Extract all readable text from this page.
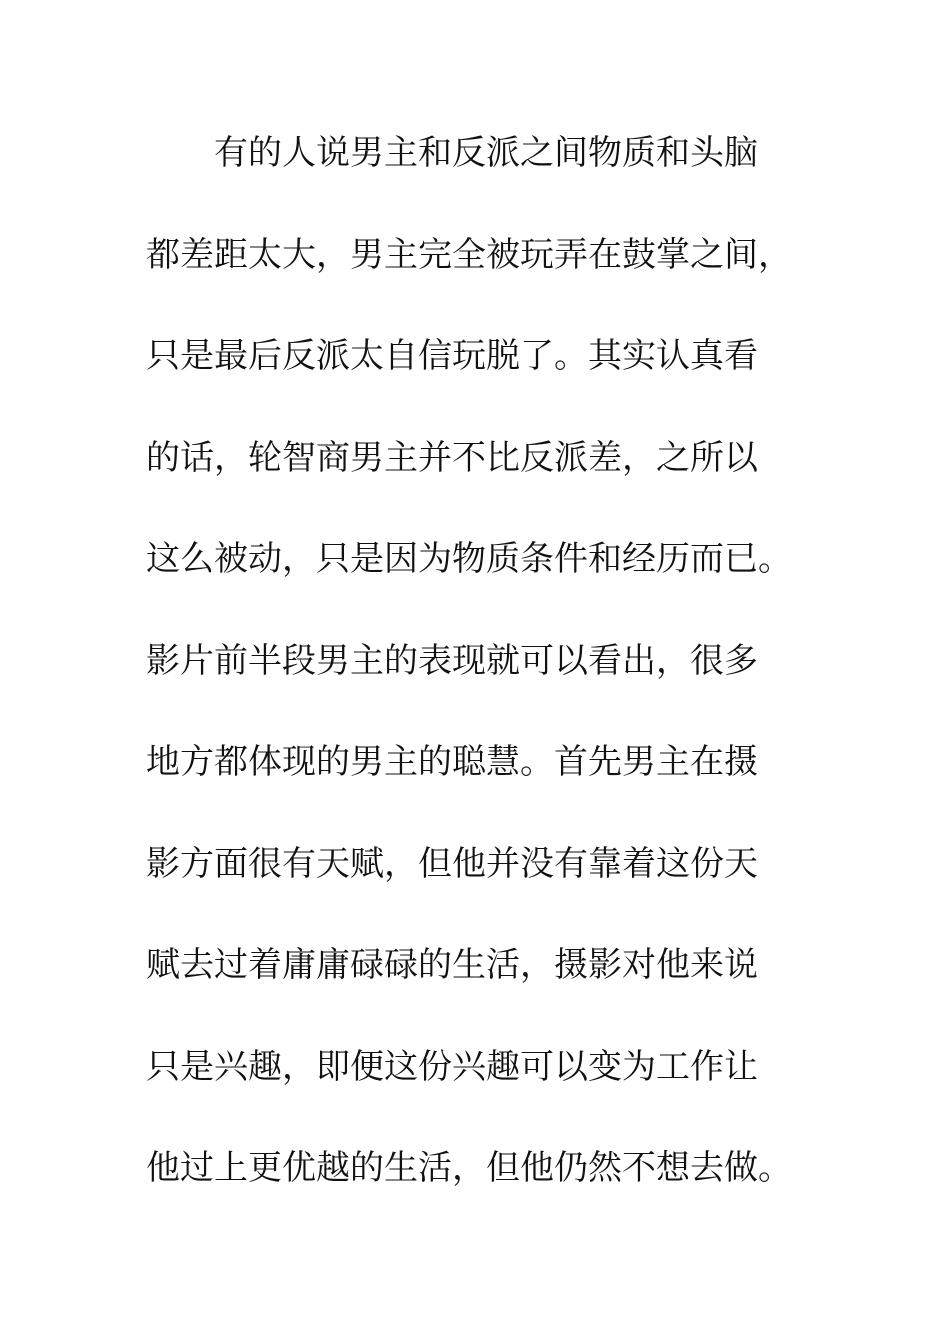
有的人说男主和反派之间物质和头脑
都差距太大，男主完全被玩弄在鼓掌之间，
只是最后反派太自信玩脱了。其实认真看
的话，轮智商男主并不比反派差，之所以
这么被动，只是因为物质条件和经历而已。
影片前半段男主的表现就可以看出，很多
地方都体现的男主的聪慧。首先男主在摄
影方面很有天赋，但他并没有靠着这份天
赋去过着庸庸碌碌的生活，摄影对他来说
只是兴趣，即便这份兴趣可以变为工作让
他过上更优越的生活，但他仍然不想去做。
